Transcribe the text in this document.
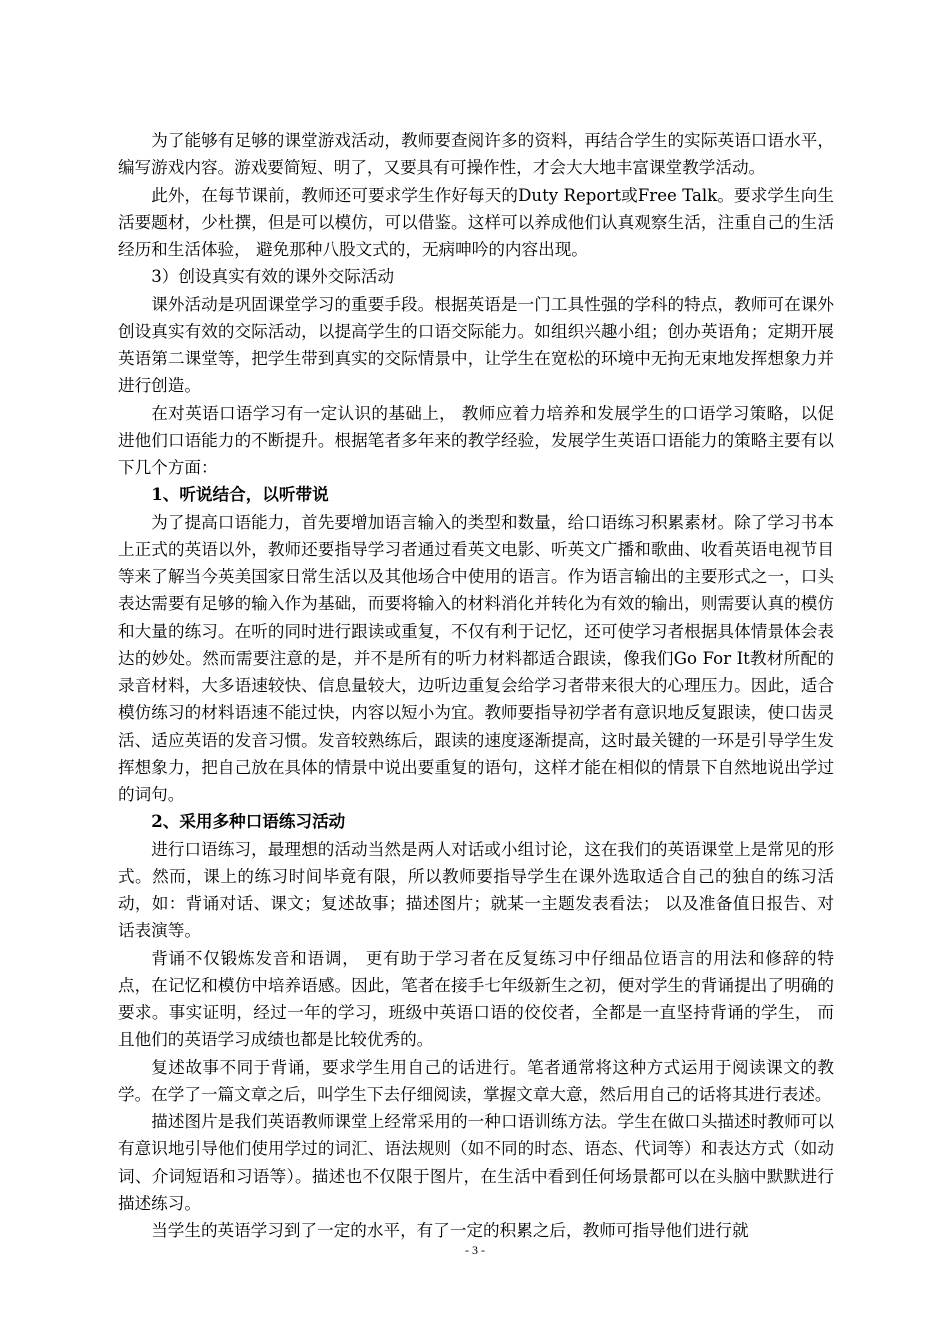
为了能够有足够的课堂游戏活动，教师要查阅许多的资料，再结合学生的实际英语口语水平，编写游戏内容。游戏要简短、明了，又要具有可操作性，才会大大地丰富课堂教学活动。

此外，在每节课前，教师还可要求学生作好每天的Duty Report或Free Talk。要求学生向生活要题材，少杜撰，但是可以模仿，可以借鉴。这样可以养成他们认真观察生活，注重自己的生活经历和生活体验， 避免那种八股文式的，无病呻吟的内容出现。

3）创设真实有效的课外交际活动

课外活动是巩固课堂学习的重要手段。根据英语是一门工具性强的学科的特点，教师可在课外创设真实有效的交际活动，以提高学生的口语交际能力。如组织兴趣小组；创办英语角；定期开展英语第二课堂等，把学生带到真实的交际情景中，让学生在宽松的环境中无拘无束地发挥想象力并进行创造。

在对英语口语学习有一定认识的基础上， 教师应着力培养和发展学生的口语学习策略，以促进他们口语能力的不断提升。根据笔者多年来的教学经验，发展学生英语口语能力的策略主要有以下几个方面：

1、听说结合，以听带说

为了提高口语能力，首先要增加语言输入的类型和数量，给口语练习积累素材。除了学习书本上正式的英语以外，教师还要指导学习者通过看英文电影、听英文广播和歌曲、收看英语电视节目等来了解当今英美国家日常生活以及其他场合中使用的语言。作为语言输出的主要形式之一，口头表达需要有足够的输入作为基础，而要将输入的材料消化并转化为有效的输出，则需要认真的模仿和大量的练习。在听的同时进行跟读或重复，不仅有利于记忆，还可使学习者根据具体情景体会表达的妙处。然而需要注意的是，并不是所有的听力材料都适合跟读，像我们Go For It教材所配的录音材料，大多语速较快、信息量较大，边听边重复会给学习者带来很大的心理压力。因此，适合模仿练习的材料语速不能过快，内容以短小为宜。教师要指导初学者有意识地反复跟读，使口齿灵活、适应英语的发音习惯。发音较熟练后，跟读的速度逐渐提高，这时最关键的一环是引导学生发挥想象力，把自己放在具体的情景中说出要重复的语句，这样才能在相似的情景下自然地说出学过的词句。

2、采用多种口语练习活动

进行口语练习，最理想的活动当然是两人对话或小组讨论，这在我们的英语课堂上是常见的形式。然而，课上的练习时间毕竟有限，所以教师要指导学生在课外选取适合自己的独自的练习活动，如：背诵对话、课文；复述故事；描述图片；就某一主题发表看法； 以及准备值日报告、对话表演等。

背诵不仅锻炼发音和语调， 更有助于学习者在反复练习中仔细品位语言的用法和修辞的特点，在记忆和模仿中培养语感。因此，笔者在接手七年级新生之初，便对学生的背诵提出了明确的要求。事实证明，经过一年的学习，班级中英语口语的佼佼者，全都是一直坚持背诵的学生， 而且他们的英语学习成绩也都是比较优秀的。

复述故事不同于背诵，要求学生用自己的话进行。笔者通常将这种方式运用于阅读课文的教学。在学了一篇文章之后，叫学生下去仔细阅读，掌握文章大意，然后用自己的话将其进行表述。

描述图片是我们英语教师课堂上经常采用的一种口语训练方法。学生在做口头描述时教师可以有意识地引导他们使用学过的词汇、语法规则（如不同的时态、语态、代词等）和表达方式（如动词、介词短语和习语等）。描述也不仅限于图片，在生活中看到任何场景都可以在头脑中默默进行描述练习。

当学生的英语学习到了一定的水平，有了一定的积累之后，教师可指导他们进行就

- 3 -
